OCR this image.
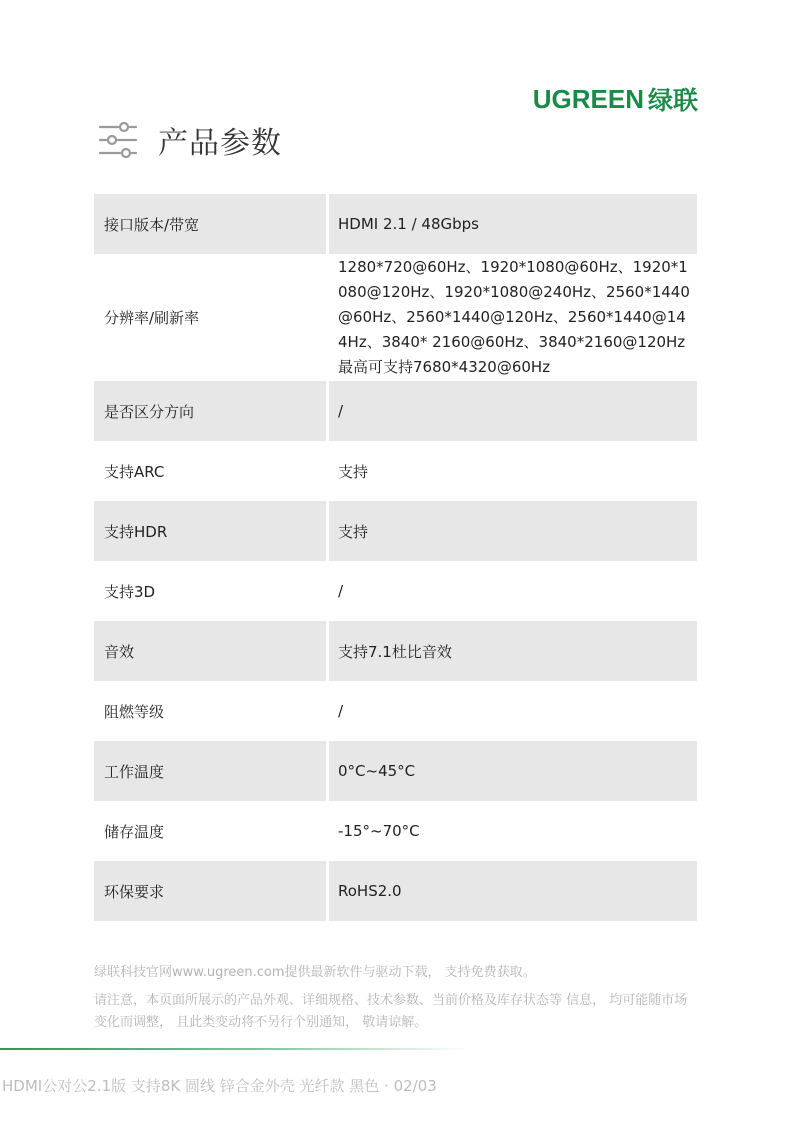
UGREEN 绿联
产品参数
接口版本/带宽		HDMI 2.1 / 48Gbps
分辨率/刷新率		1280*720@60Hz、1920*1080@60Hz、1920*1080@120Hz、1920*1080@240Hz、2560*1440@60Hz、2560*1440@120Hz、2560*1440@144Hz、3840* 2160@60Hz、3840*2160@120Hz最高可支持7680*4320@60Hz
是否区分方向		/
支持ARC		支持
支持HDR		支持
支持3D		/
音效		支持7.1杜比音效
阻燃等级		/
工作温度		0°C~45°C
储存温度		-15°~70°C
环保要求		RoHS2.0

绿联科技官网www.ugreen.com提供最新软件与驱动下载， 支持免费获取。

请注意，本页面所展示的产品外观、详细规格、技术参数、当前价格及库存状态等 信息， 均可能随市场变化而调整， 且此类变动将不另行个别通知， 敬请谅解。

HDMI公对公2.1版 支持8K 圆线 锌合金外壳 光纤款 黑色 · 02/03
